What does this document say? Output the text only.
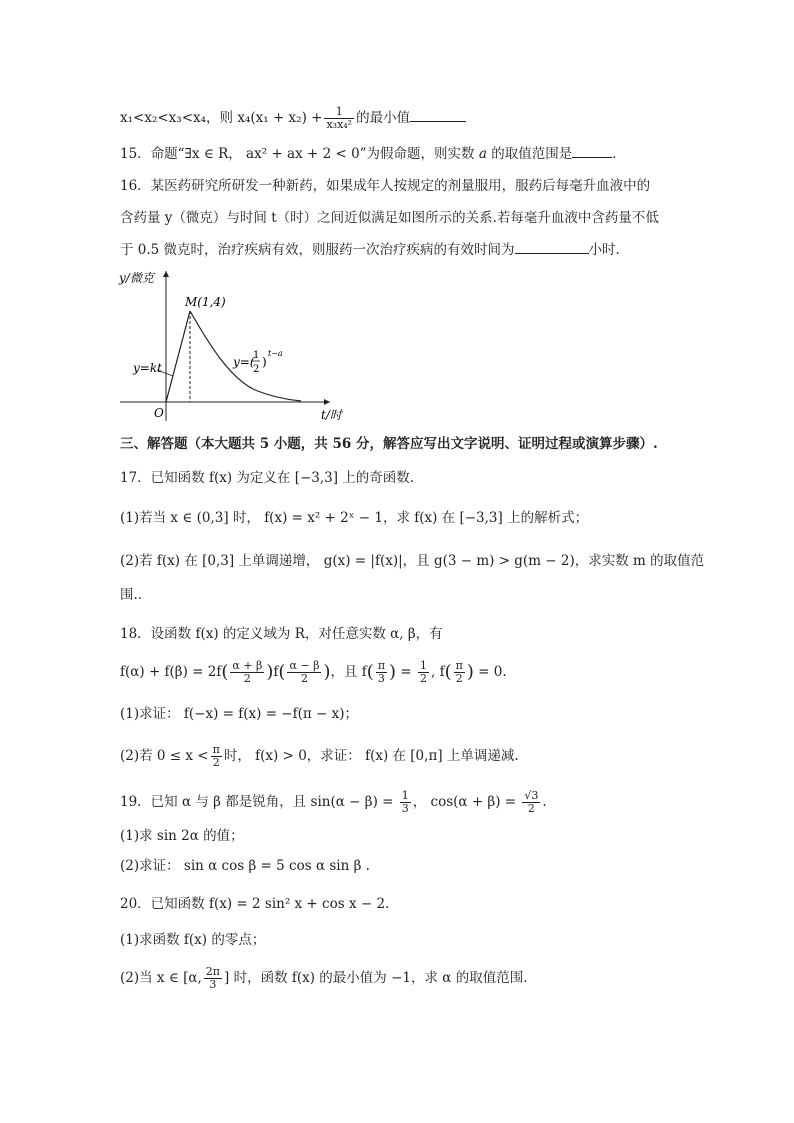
x₁<x₂<x₃<x₄，则 $x_4(x_1 + x_2) + \frac{1}{\text{x₃x₄²}}$ 的最小值
15．命题“∃x ∈ R， ax² + ax + 2 < 0”为假命题，则实数 a 的取值范围是	．
16．某医药研究所研发一种新药，如果成年人按规定的剂量服用，服药后每毫升血液中的
含药量 y（微克）与时间 t（时）之间近似满足如图所示的关系.若每毫升血液中含药量不低
于 0.5 微克时，治疗疾病有效，则服药一次治疗疾病的有效时间为	小时.
y/微克
t/时
O
M(1,4)
y=kt	y=(
1
2
)
t−a
三、解答题（本大题共 5 小题，共 56 分，解答应写出文字说明、证明过程或演算步骤）.
17．已知函数 f(x) 为定义在 [−3,3] 上的奇函数.
(1)若当 x ∈ (0,3] 时， f(x) = x² + 2ˣ − 1，求 f(x) 在 [−3,3] 上的解析式；
(2)若 f(x) 在 [0,3] 上单调递增， g(x) = |f(x)|，且 g(3 − m) > g(m − 2)，求实数 m 的取值范
围..
18．设函数 f(x) 的定义域为 R，对任意实数 α, β，有
$f(\alpha) + f(\beta) = 2f( \frac{\alpha + \beta}{2} )f( \frac{\alpha - \beta}{2}$ )，且 $f( \frac{\pi}{3}$ ) = $\frac{1}{2}$ , $f( \frac{\pi}{2}$ ) = 0.
(1)求证： f(−x) = f(x) = −f(π − x)；
(2)若 $0 \le x < \frac{\pi}{2}$ 时， f(x) > 0，求证： f(x) 在 [0,π] 上单调递减.
19．已知 α 与 β 都是锐角，且 $\sin(\alpha - \beta) = \frac{1}{3}$ ， $\cos(\alpha + \beta) = \frac{√3}{2}$ .
(1)求 sin 2α 的值；
(2)求证： sin α cos β = 5 cos α sin β .
20．已知函数 f(x) = 2 sin² x + cos x − 2.
(1)求函数 f(x) 的零点；
(2)当 x ∈ [α, $\frac{2\pi}{3}$ ] 时，函数 f(x) 的最小值为 −1，求 α 的取值范围.
